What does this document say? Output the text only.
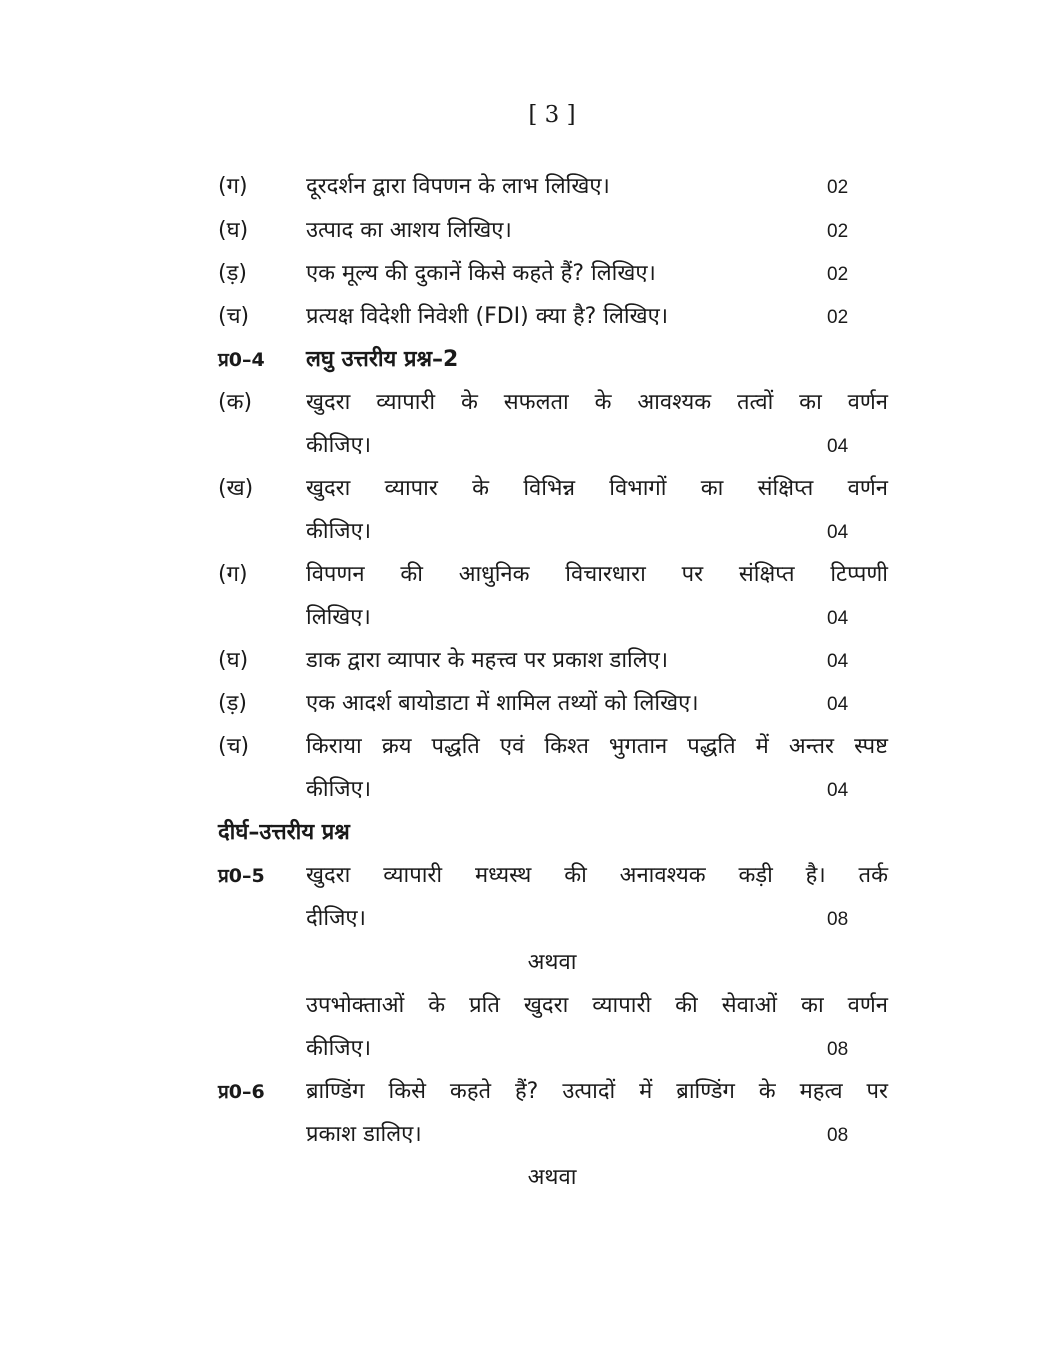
[ 3 ]
(ग)	दूरदर्शन द्वारा विपणन के लाभ लिखिए।	02
(घ)	उत्पाद का आशय लिखिए।	02
(ड़)	एक मूल्य की दुकानें किसे कहते हैं? लिखिए।	02
(च)	प्रत्यक्ष विदेशी निवेशी (FDI) क्या है? लिखिए।	02
प्र0–4 लघु उत्तरीय प्रश्न–2
(क) खुदरा व्यापारी के सफलता के आवश्यक तत्वों का वर्णन
कीजिए।	04
(ख) खुदरा व्यापार के विभिन्न विभागों का संक्षिप्त वर्णन
कीजिए।	04
(ग)	विपणन की आधुनिक विचारधारा पर संक्षिप्त टिप्पणी
लिखिए।	04
(घ)	डाक द्वारा व्यापार के महत्त्व पर प्रकाश डालिए।	04
(ड़)	एक आदर्श बायोडाटा में शामिल तथ्यों को लिखिए।	04
(च)	किराया क्रय पद्धति एवं किश्त भुगतान पद्धति में अन्तर स्पष्ट
कीजिए।	04
दीर्घ–उत्तरीय प्रश्न
प्र0–5 खुदरा व्यापारी मध्यस्थ की अनावश्यक कड़ी है। तर्क
दीजिए।	08
अथवा
उपभोक्ताओं के प्रति खुदरा व्यापारी की सेवाओं का वर्णन
कीजिए।	08
प्र0–6 ब्राण्डिंग किसे कहते हैं? उत्पादों में ब्राण्डिंग के महत्व पर
प्रकाश डालिए।	08
अथवा
